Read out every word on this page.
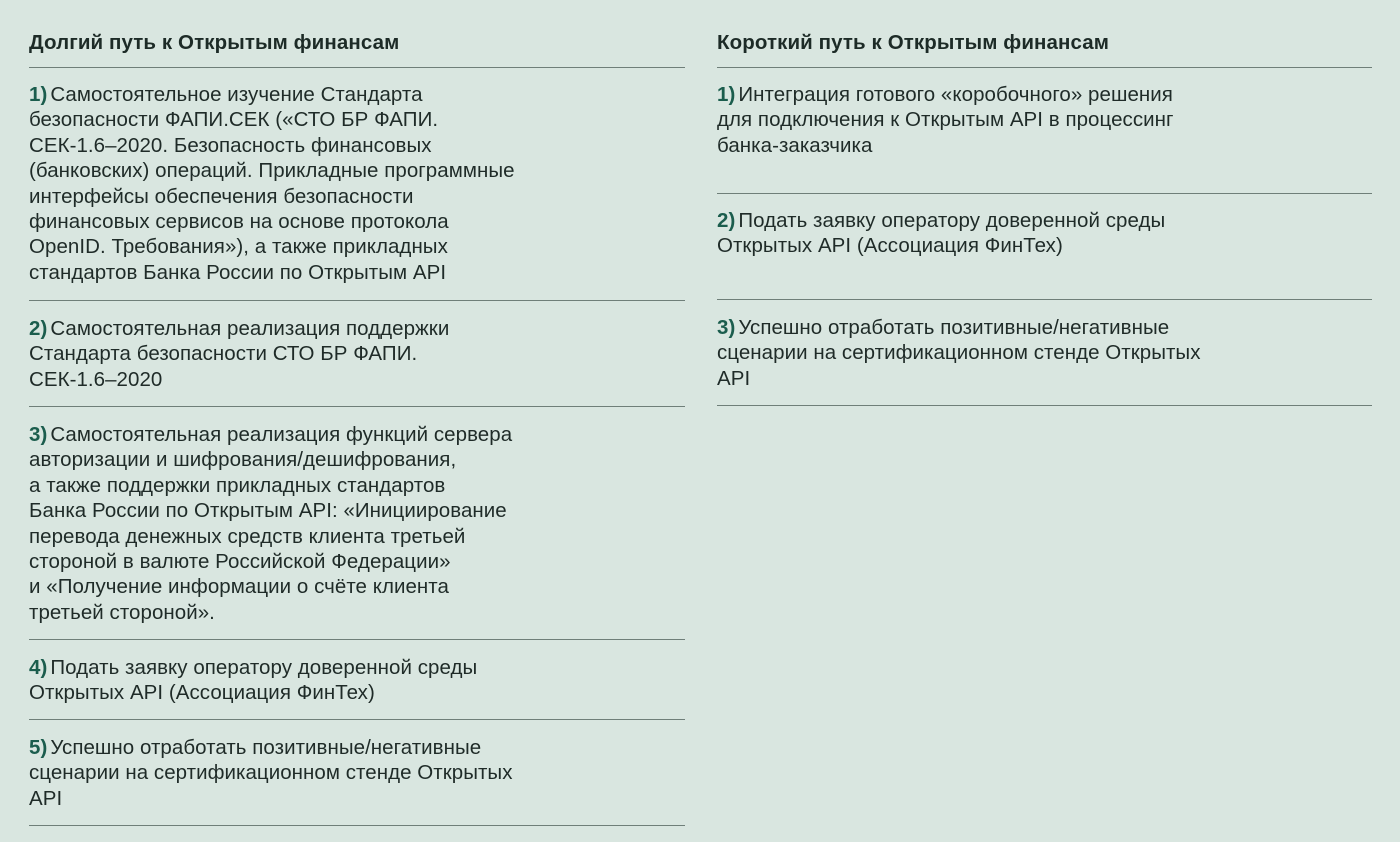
Долгий путь к Открытым финансам
1) Самостоятельное изучение Стандарта
безопасности ФАПИ.СЕК («СТО БР ФАПИ.
СЕК-1.6–2020. Безопасность финансовых
(банковских) операций. Прикладные программные
интерфейсы обеспечения безопасности
финансовых сервисов на основе протокола
OpenID. Требования»), а также прикладных
стандартов Банка России по Открытым API
2) Самостоятельная реализация поддержки
Стандарта безопасности СТО БР ФАПИ.
СЕК-1.6–2020
3) Самостоятельная реализация функций сервера
авторизации и шифрования/дешифрования,
а также поддержки прикладных стандартов
Банка России по Открытым API: «Инициирование
перевода денежных средств клиента третьей
стороной в валюте Российской Федерации»
и «Получение информации о счёте клиента
третьей стороной».
4) Подать заявку оператору доверенной среды
Открытых API (Ассоциация ФинТех)
5) Успешно отработать позитивные/негативные
сценарии на сертификационном стенде Открытых
API
Короткий путь к Открытым финансам
1) Интеграция готового «коробочного» решения
для подключения к Открытым API в процессинг
банка-заказчика
2) Подать заявку оператору доверенной среды
Открытых API (Ассоциация ФинТех)
3) Успешно отработать позитивные/негативные
сценарии на сертификационном стенде Открытых
API
